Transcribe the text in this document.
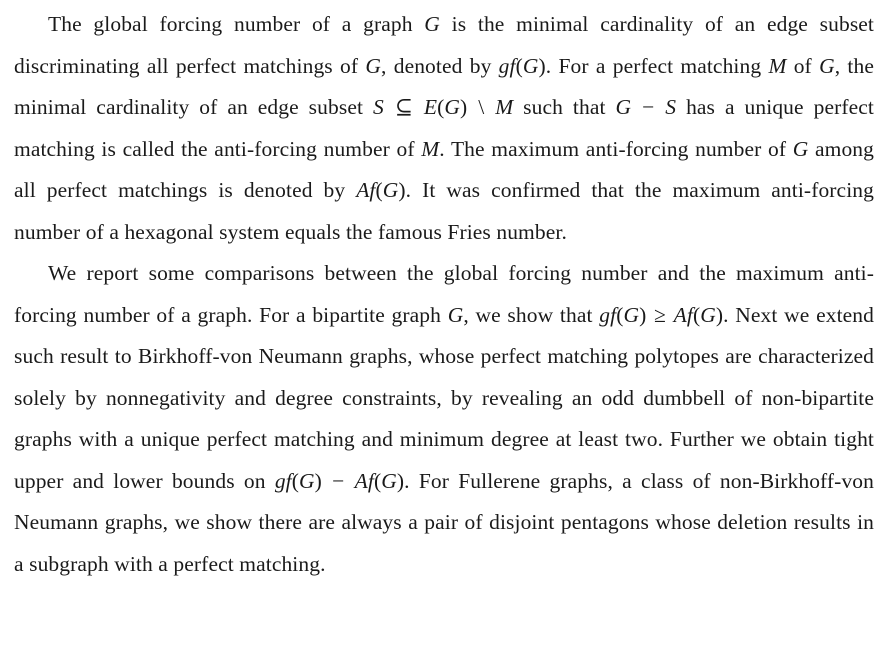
The global forcing number of a graph G is the minimal cardinality of an edge subset discriminating all perfect matchings of G, denoted by gf(G). For a perfect matching M of G, the minimal cardinality of an edge subset S ⊆ E(G) \ M such that G − S has a unique perfect matching is called the anti-forcing number of M. The maximum anti-forcing number of G among all perfect matchings is denoted by Af(G). It was confirmed that the maximum anti-forcing number of a hexagonal system equals the famous Fries number.

We report some comparisons between the global forcing number and the maximum anti-forcing number of a graph. For a bipartite graph G, we show that gf(G) ≥ Af(G). Next we extend such result to Birkhoff-von Neumann graphs, whose perfect matching polytopes are characterized solely by nonnegativity and degree constraints, by revealing an odd dumbbell of non-bipartite graphs with a unique perfect matching and minimum degree at least two. Further we obtain tight upper and lower bounds on gf(G) − Af(G). For Fullerene graphs, a class of non-Birkhoff-von Neumann graphs, we show there are always a pair of disjoint pentagons whose deletion results in a subgraph with a perfect matching.
